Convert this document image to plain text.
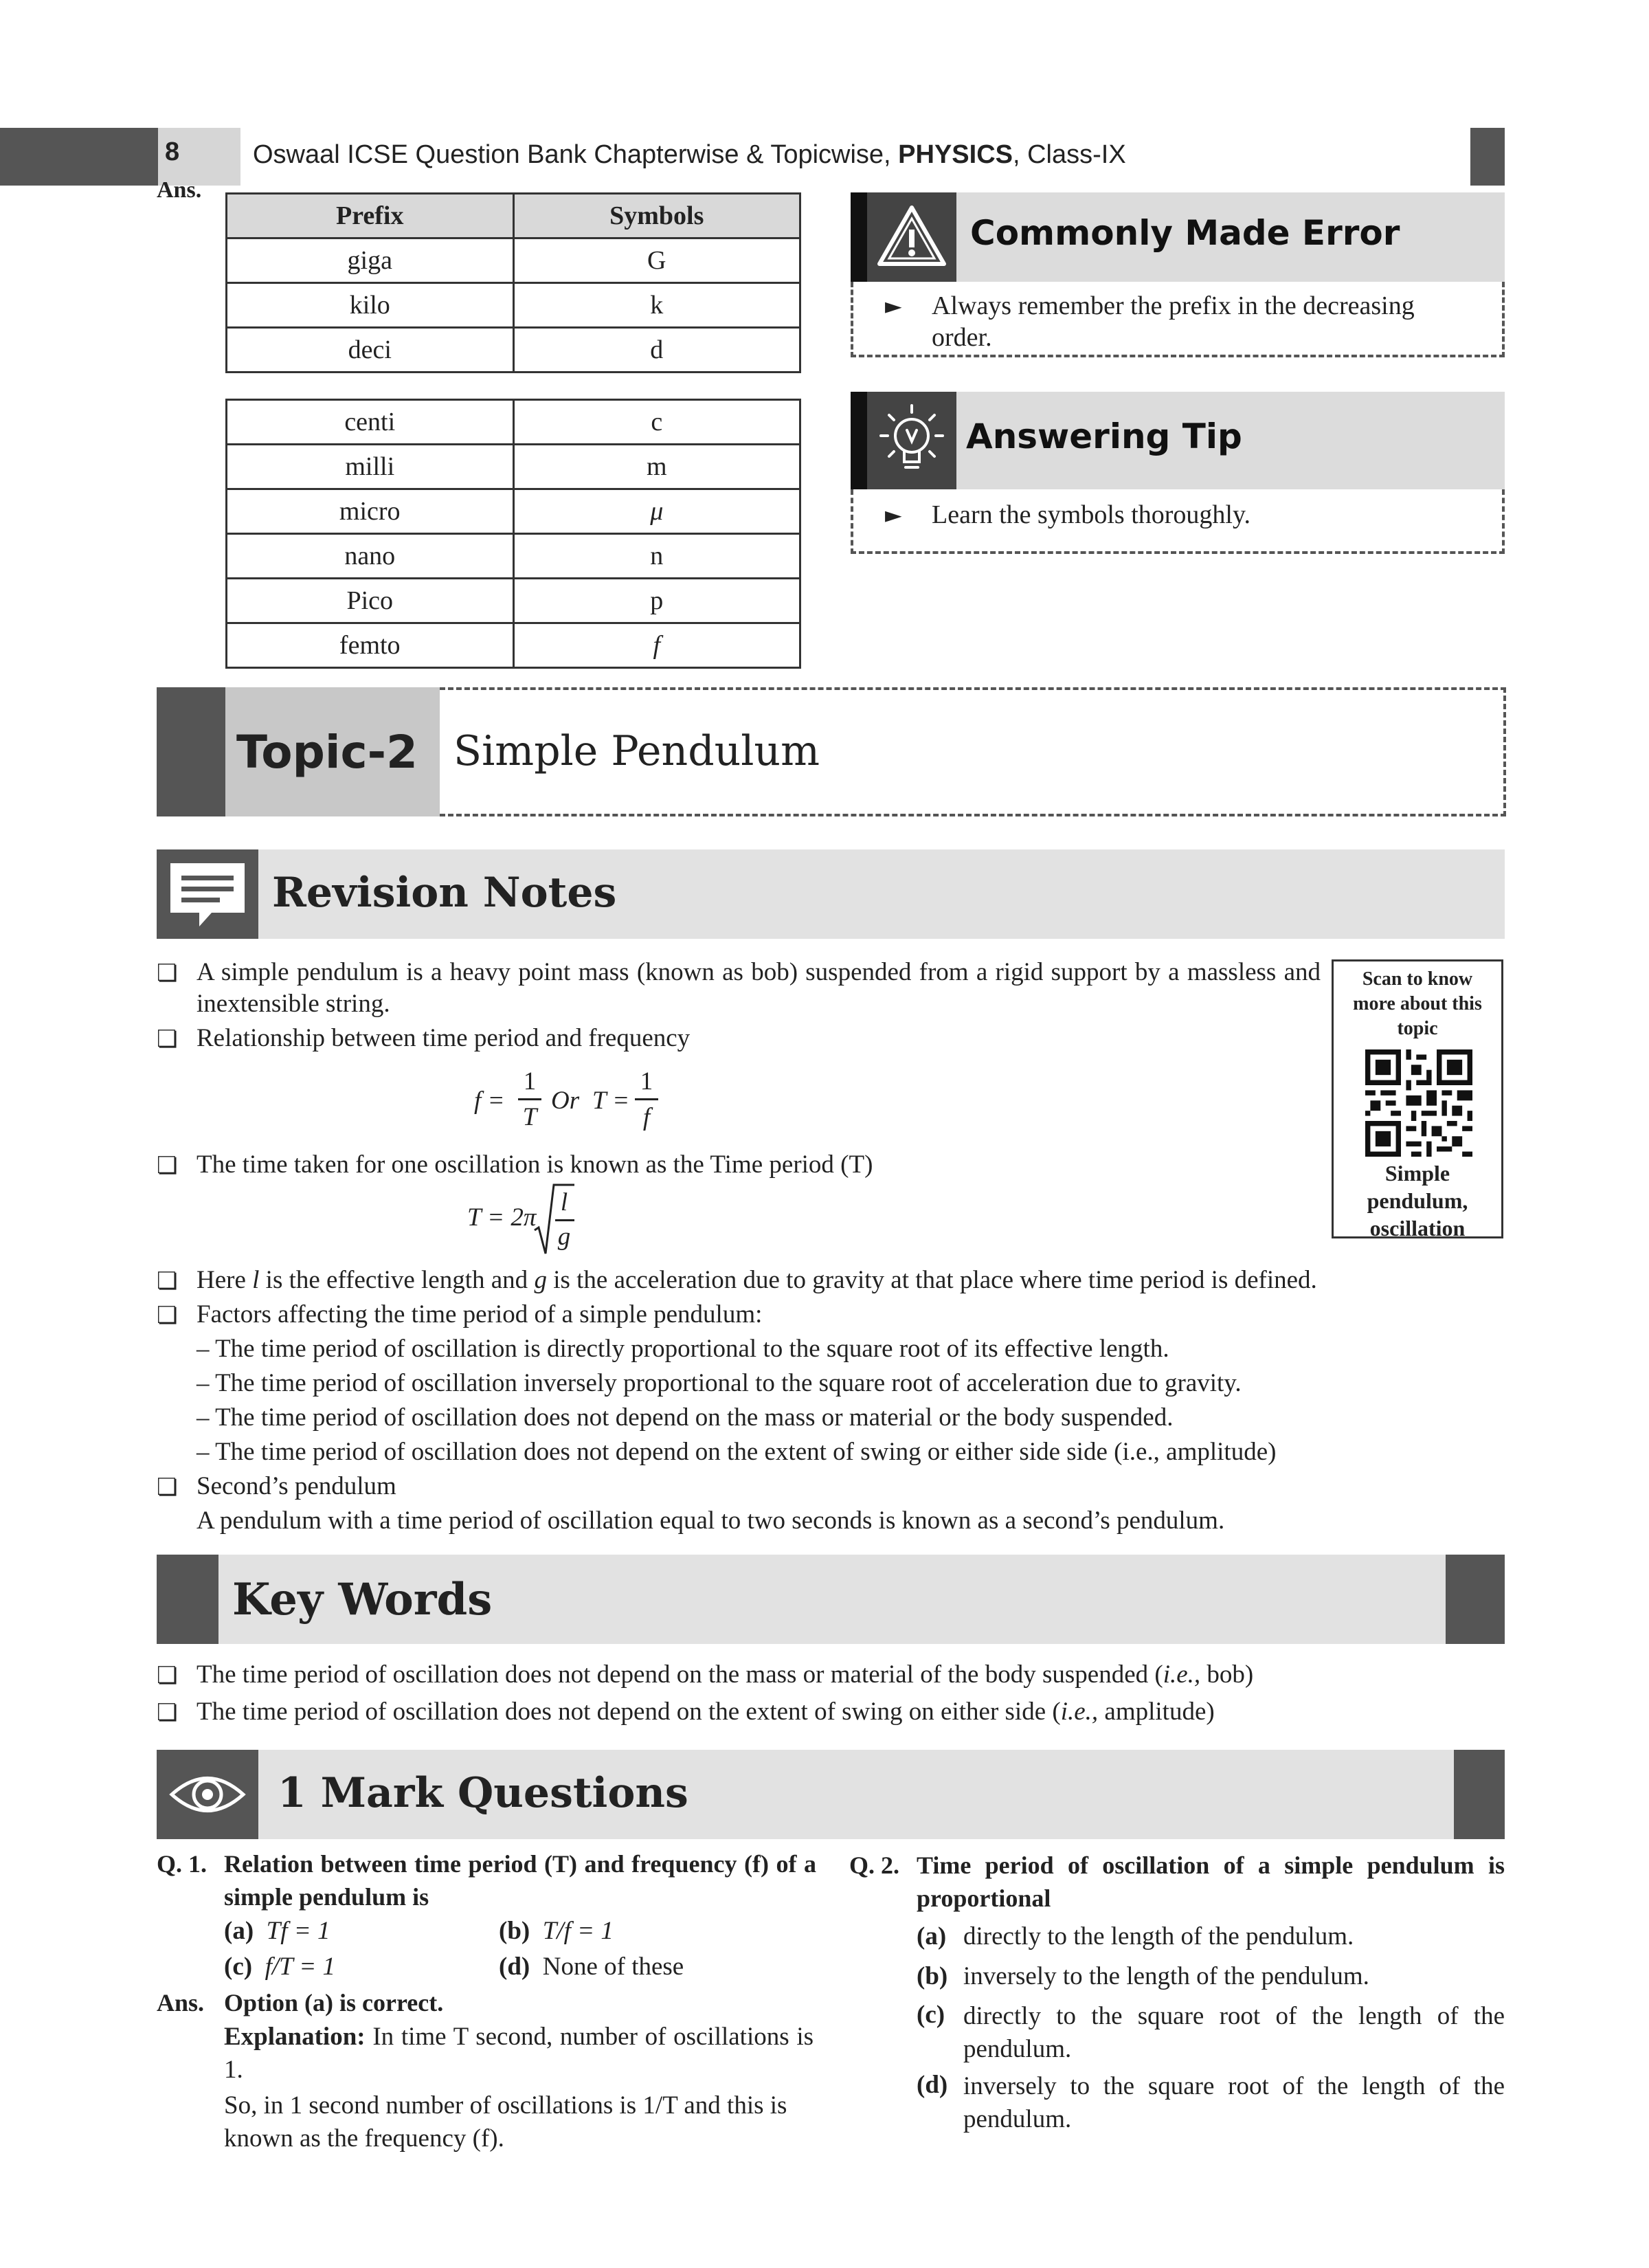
8	Oswaal ICSE Question Bank Chapterwise & Topicwise, PHYSICS, Class-IX
Ans.
Prefix	Symbols
giga	G
kilo	k
deci	d
centi	c
milli	m
micro	μ
nano	n
Pico	p
femto	f
Commonly Made Error
► Always remember the prefix in the decreasing order.
Answering Tip
► Learn the symbols thoroughly.
Topic-2 Simple Pendulum
Revision Notes
❏ A simple pendulum is a heavy point mass (known as bob) suspended from a rigid support by a massless and inextensible string.
❏ Relationship between time period and frequency
f =
1
T
Or T =
1
f
❏ The time taken for one oscillation is known as the Time period (T)
T = 2π
l
g
Scan to know more about this topic
Simple pendulum, oscillation
❏ Here l is the effective length and g is the acceleration due to gravity at that place where time period is defined.
❏ Factors affecting the time period of a simple pendulum:
– The time period of oscillation is directly proportional to the square root of its effective length.
– The time period of oscillation inversely proportional to the square root of acceleration due to gravity.
– The time period of oscillation does not depend on the mass or material or the body suspended.
– The time period of oscillation does not depend on the extent of swing or either side side (i.e., amplitude)
❏ Second’s pendulum
A pendulum with a time period of oscillation equal to two seconds is known as a second’s pendulum.
Key Words
❏ The time period of oscillation does not depend on the mass or material of the body suspended (i.e., bob)
❏ The time period of oscillation does not depend on the extent of swing on either side (i.e., amplitude)
1 Mark Questions
Q. 1. Relation between time period (T) and frequency (f) of a simple pendulum is
(a) Tf = 1	(b) T/f = 1
(c) f/T = 1	(d) None of these
Ans. Option (a) is correct.
Explanation: In time T second, number of oscillations is 1.
So, in 1 second number of oscillations is 1/T and this is known as the frequency (f).
Q. 2. Time period of oscillation of a simple pendulum is proportional
(a) directly to the length of the pendulum.
(b) inversely to the length of the pendulum.
(c) directly to the square root of the length of the pendulum.
(d) inversely to the square root of the length of the pendulum.
